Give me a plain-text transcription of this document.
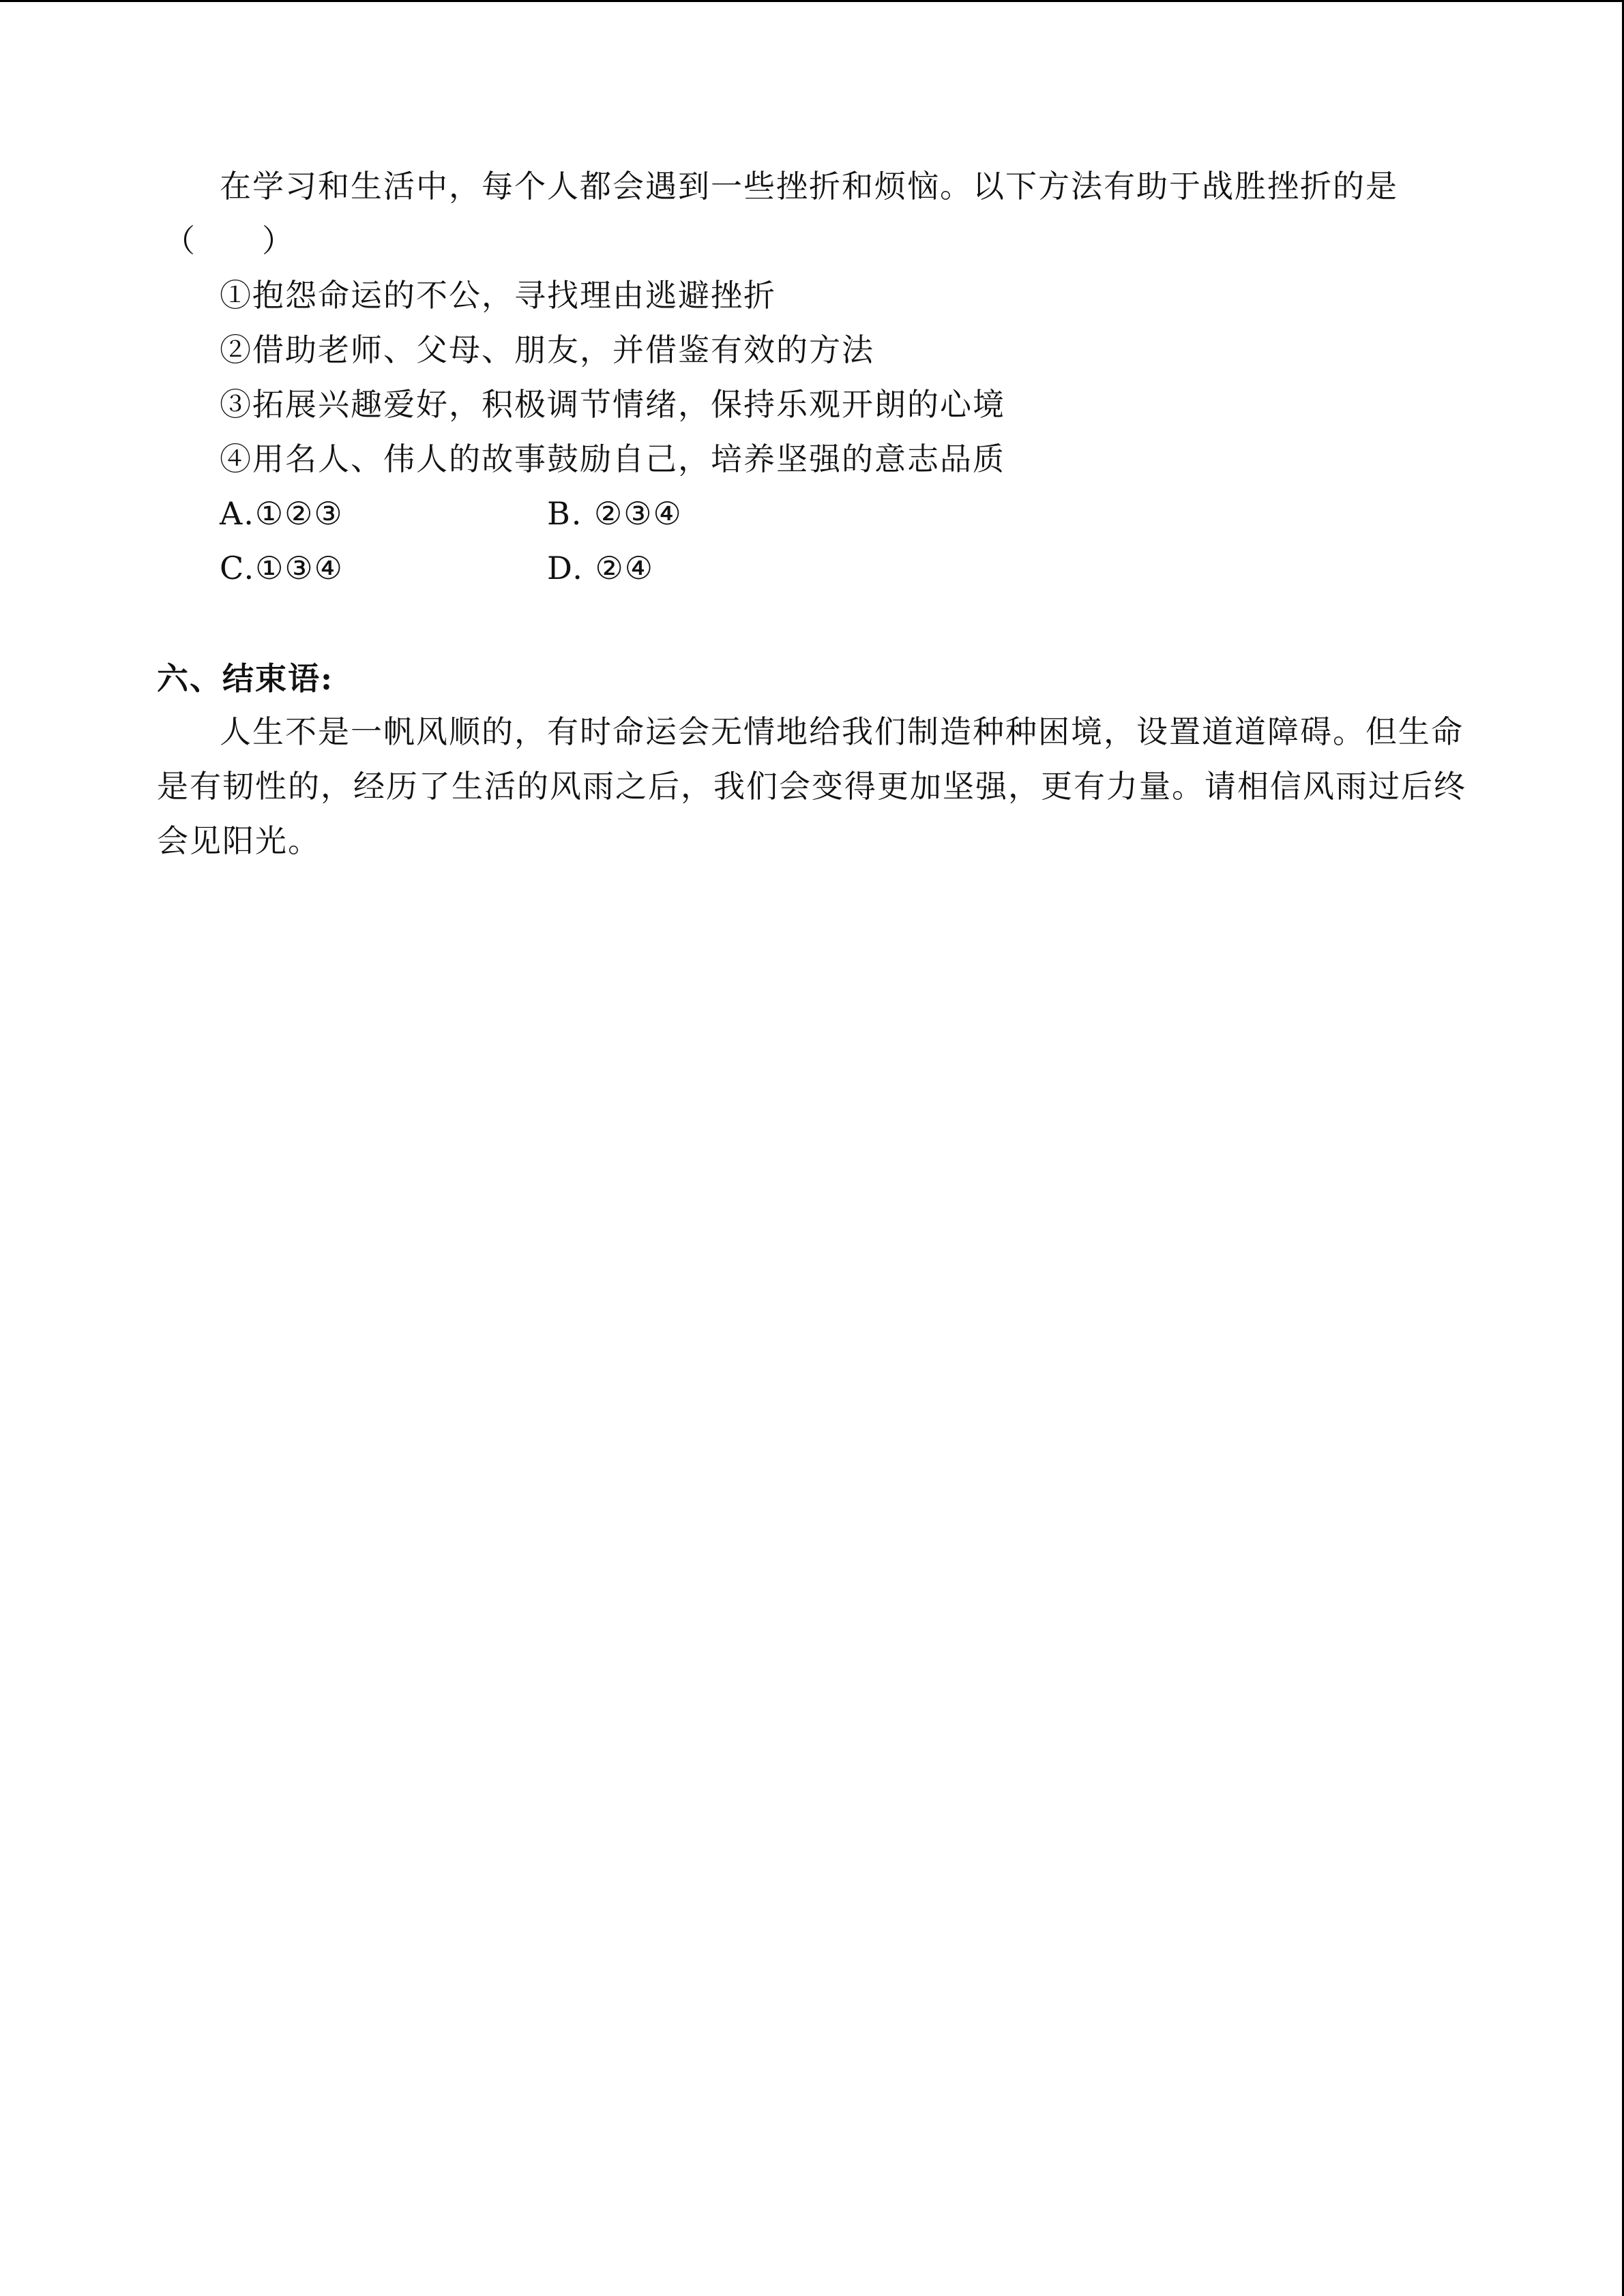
在学习和生活中，每个人都会遇到一些挫折和烦恼。以下方法有助于战胜挫折的是
（　　）
①抱怨命运的不公，寻找理由逃避挫折
②借助老师、父母、朋友，并借鉴有效的方法
③拓展兴趣爱好，积极调节情绪，保持乐观开朗的心境
④用名人、伟人的故事鼓励自己，培养坚强的意志品质
A.①②③	B. ②③④
C.①③④	D. ②④
六、结束语:
人生不是一帆风顺的，有时命运会无情地给我们制造种种困境，设置道道障碍。但生命
是有韧性的，经历了生活的风雨之后，我们会变得更加坚强，更有力量。请相信风雨过后终
会见阳光。
